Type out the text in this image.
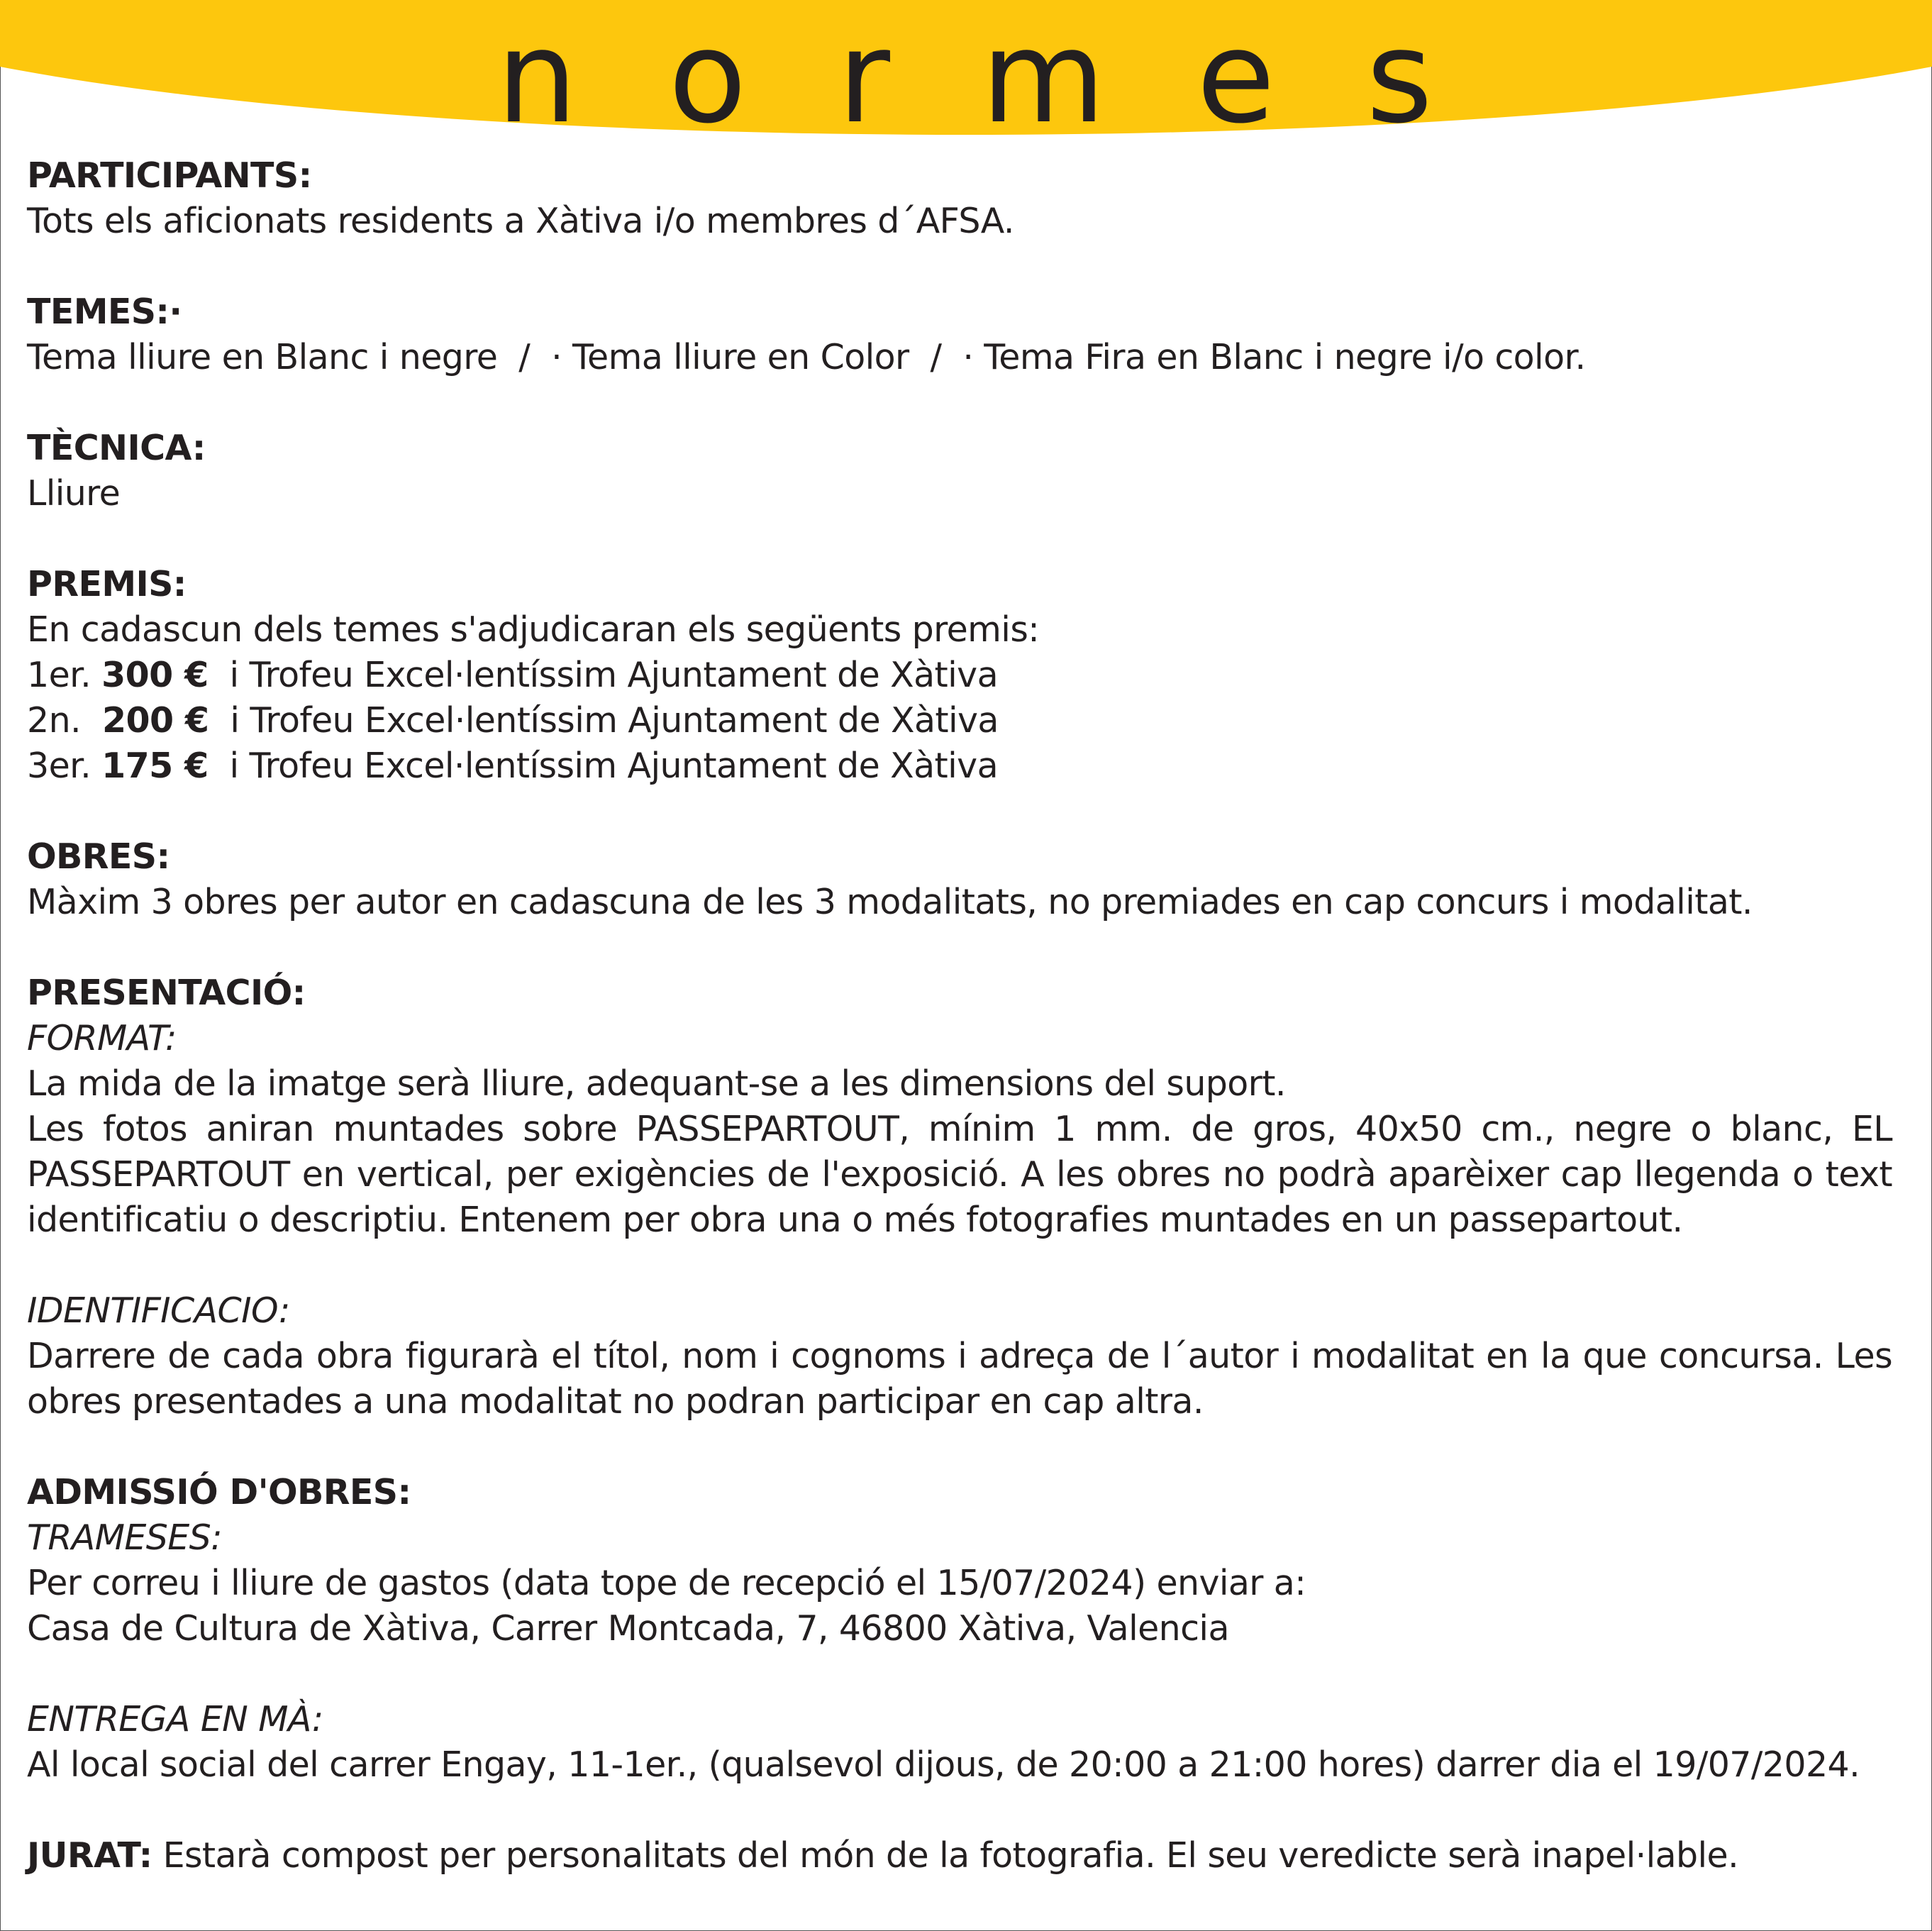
n o r m e s
PARTICIPANTS:
Tots els aficionats residents a Xàtiva i/o membres d´AFSA.
TEMES:·
Tema lliure en Blanc i negre  /  · Tema lliure en Color  /  · Tema Fira en Blanc i negre i/o color.
TÈCNICA:
Lliure
PREMIS:
En cadascun dels temes s'adjudicaran els següents premis:
1er. 300 € i Trofeu Excel·lentíssim Ajuntament de Xàtiva
2n. 200 € i Trofeu Excel·lentíssim Ajuntament de Xàtiva
3er. 175 € i Trofeu Excel·lentíssim Ajuntament de Xàtiva
OBRES:
Màxim 3 obres per autor en cadascuna de les 3 modalitats, no premiades en cap concurs i modalitat.
PRESENTACIÓ:
FORMAT:
La mida de la imatge serà lliure, adequant-se a les dimensions del suport.
Les fotos aniran muntades sobre PASSEPARTOUT, mínim 1 mm. de gros, 40x50 cm., negre o blanc, EL PASSEPARTOUT en vertical, per exigències de l'exposició. A les obres no podrà aparèixer cap llegenda o text identificatiu o descriptiu. Entenem per obra una o més fotografies muntades en un passepartout.
IDENTIFICACIO:
Darrere de cada obra figurarà el títol, nom i cognoms i adreça de l´autor i modalitat en la que concursa. Les obres presentades a una modalitat no podran participar en cap altra.
ADMISSIÓ D'OBRES:
TRAMESES:
Per correu i lliure de gastos (data tope de recepció el 15/07/2024) enviar a:
Casa de Cultura de Xàtiva, Carrer Montcada, 7, 46800 Xàtiva, Valencia
ENTREGA EN MÀ:
Al local social del carrer Engay, 11-1er., (qualsevol dijous, de 20:00 a 21:00 hores) darrer dia el 19/07/2024.
JURAT: Estarà compost per personalitats del món de la fotografia. El seu veredicte serà inapel·lable.
